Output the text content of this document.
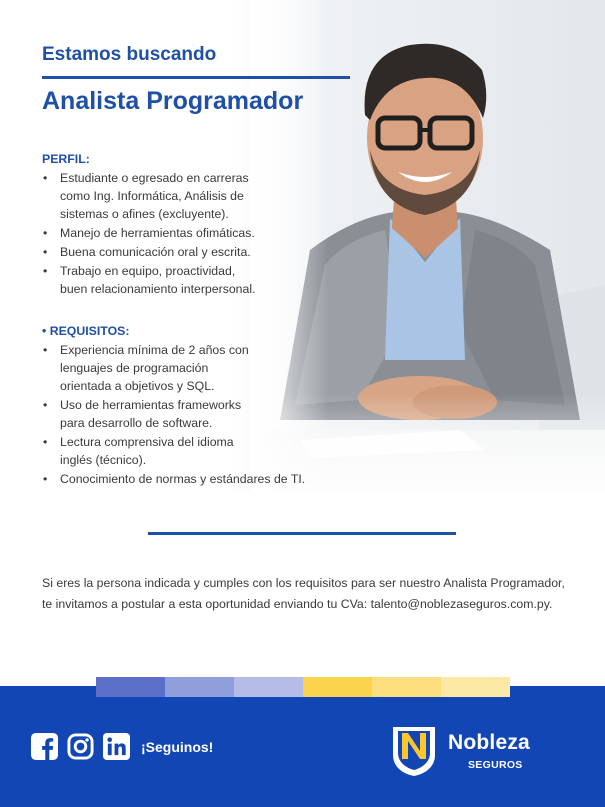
Estamos buscando
Analista Programador
PERFIL:
• Estudiante o egresado en carreras
como Ing. Informática, Análisis de
sistemas o afines (excluyente).
• Manejo de herramientas ofimáticas.
• Buena comunicación oral y escrita.
• Trabajo en equipo, proactividad,
buen relacionamiento interpersonal.
• REQUISITOS:
• Experiencia mínima de 2 años con
lenguajes de programación
orientada a objetivos y SQL.
• Uso de herramientas frameworks
para desarrollo de software.
• Lectura comprensiva del idioma
inglés (técnico).
• Conocimiento de normas y estándares de TI.
Si eres la persona indicada y cumples con los requisitos para ser nuestro Analista Programador, te invitamos a postular a esta oportunidad enviando tu CVa: talento@noblezaseguros.com.py.
¡Seguinos!	Nobleza
SEGUROS
